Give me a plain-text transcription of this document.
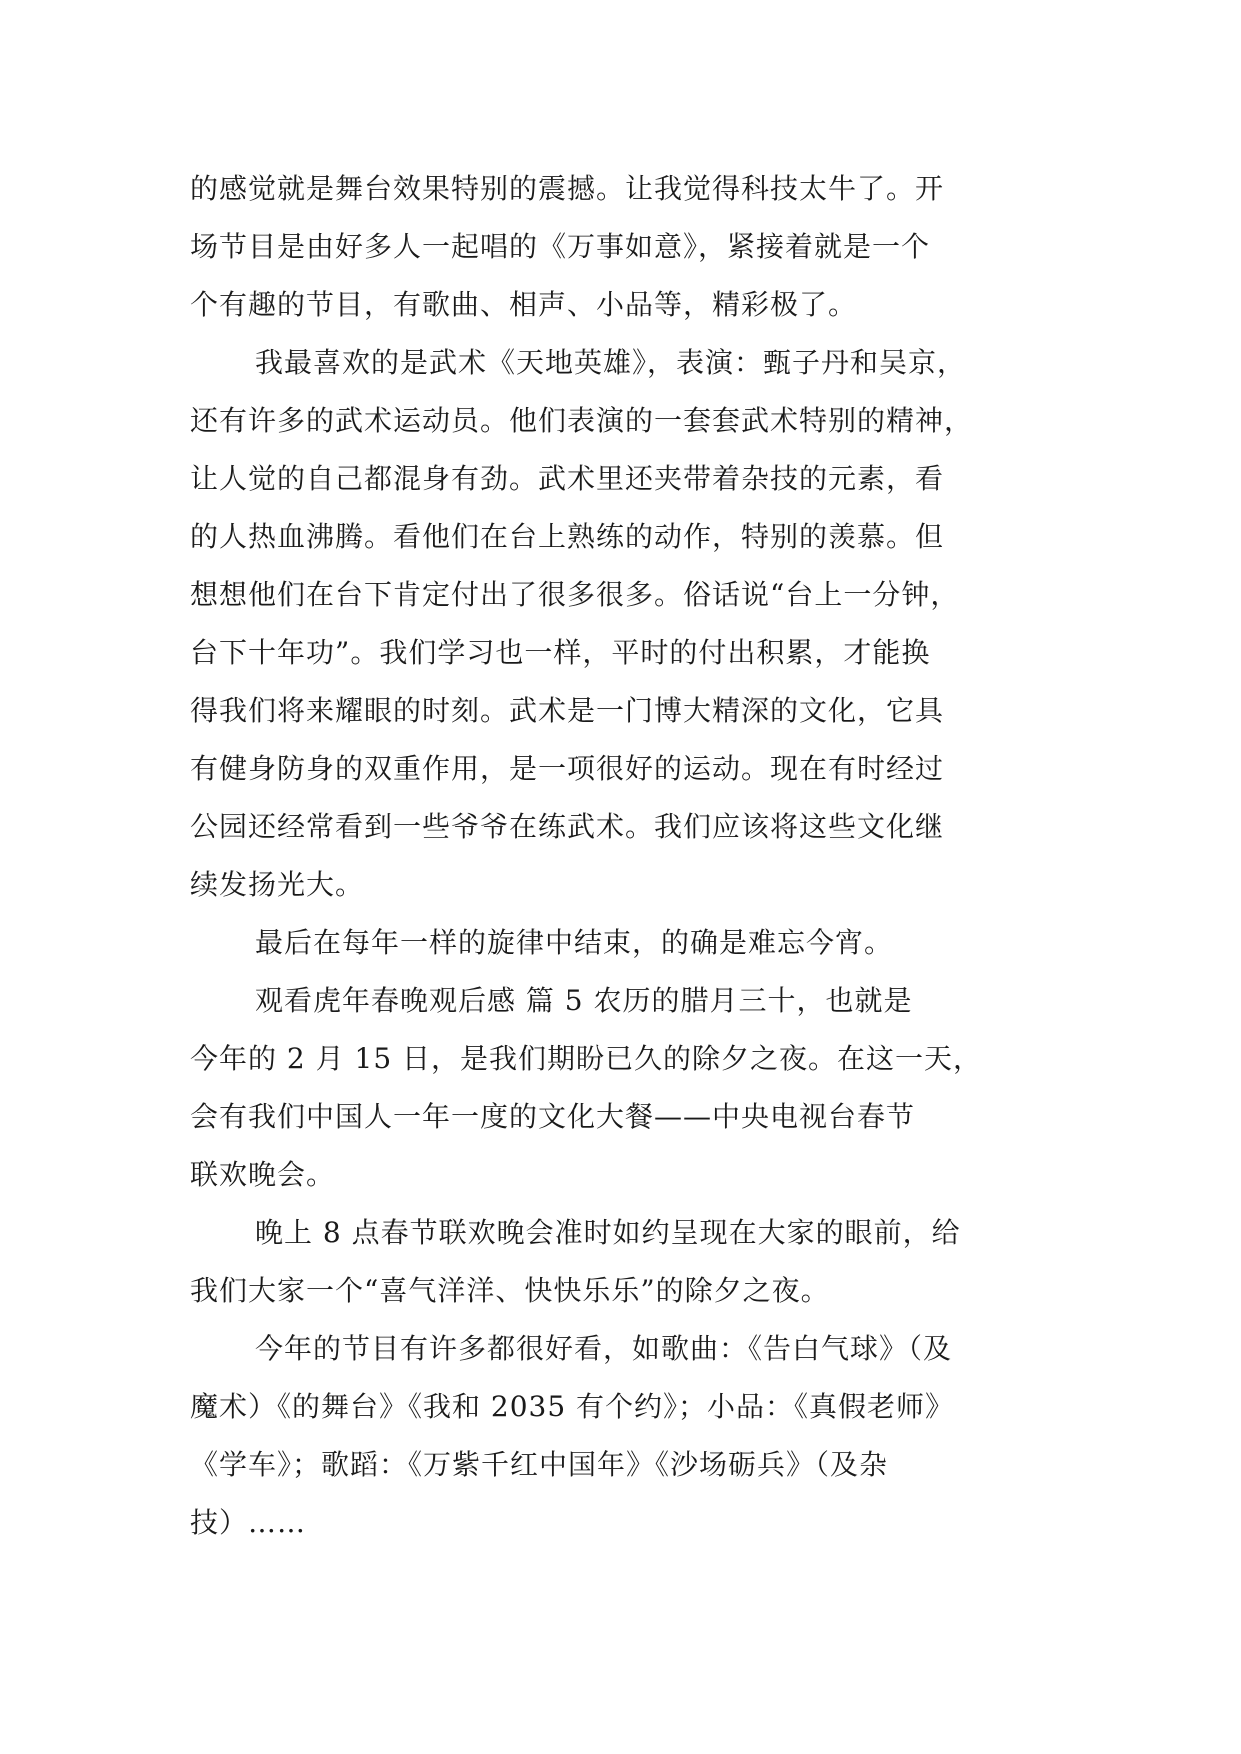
的感觉就是舞台效果特别的震撼。让我觉得科技太牛了。开
场节目是由好多人一起唱的《万事如意》，紧接着就是一个
个有趣的节目，有歌曲、相声、小品等，精彩极了。
我最喜欢的是武术《天地英雄》，表演：甄子丹和吴京，
还有许多的武术运动员。他们表演的一套套武术特别的精神，
让人觉的自己都混身有劲。武术里还夹带着杂技的元素，看
的人热血沸腾。看他们在台上熟练的动作，特别的羡慕。但
想想他们在台下肯定付出了很多很多。俗话说“台上一分钟，
台下十年功”。我们学习也一样，平时的付出积累，才能换
得我们将来耀眼的时刻。武术是一门博大精深的文化，它具
有健身防身的双重作用，是一项很好的运动。现在有时经过
公园还经常看到一些爷爷在练武术。我们应该将这些文化继
续发扬光大。
最后在每年一样的旋律中结束，的确是难忘今宵。
观看虎年春晚观后感 篇 5 农历的腊月三十，也就是
今年的 2 月 15 日，是我们期盼已久的除夕之夜。在这一天，
会有我们中国人一年一度的文化大餐——中央电视台春节
联欢晚会。
晚上 8 点春节联欢晚会准时如约呈现在大家的眼前，给
我们大家一个“喜气洋洋、快快乐乐”的除夕之夜。
今年的节目有许多都很好看，如歌曲：《告白气球》（及
魔术）《的舞台》《我和 2035 有个约》；小品：《真假老师》
《学车》；歌蹈：《万紫千红中国年》《沙场砺兵》（及杂
技）……
